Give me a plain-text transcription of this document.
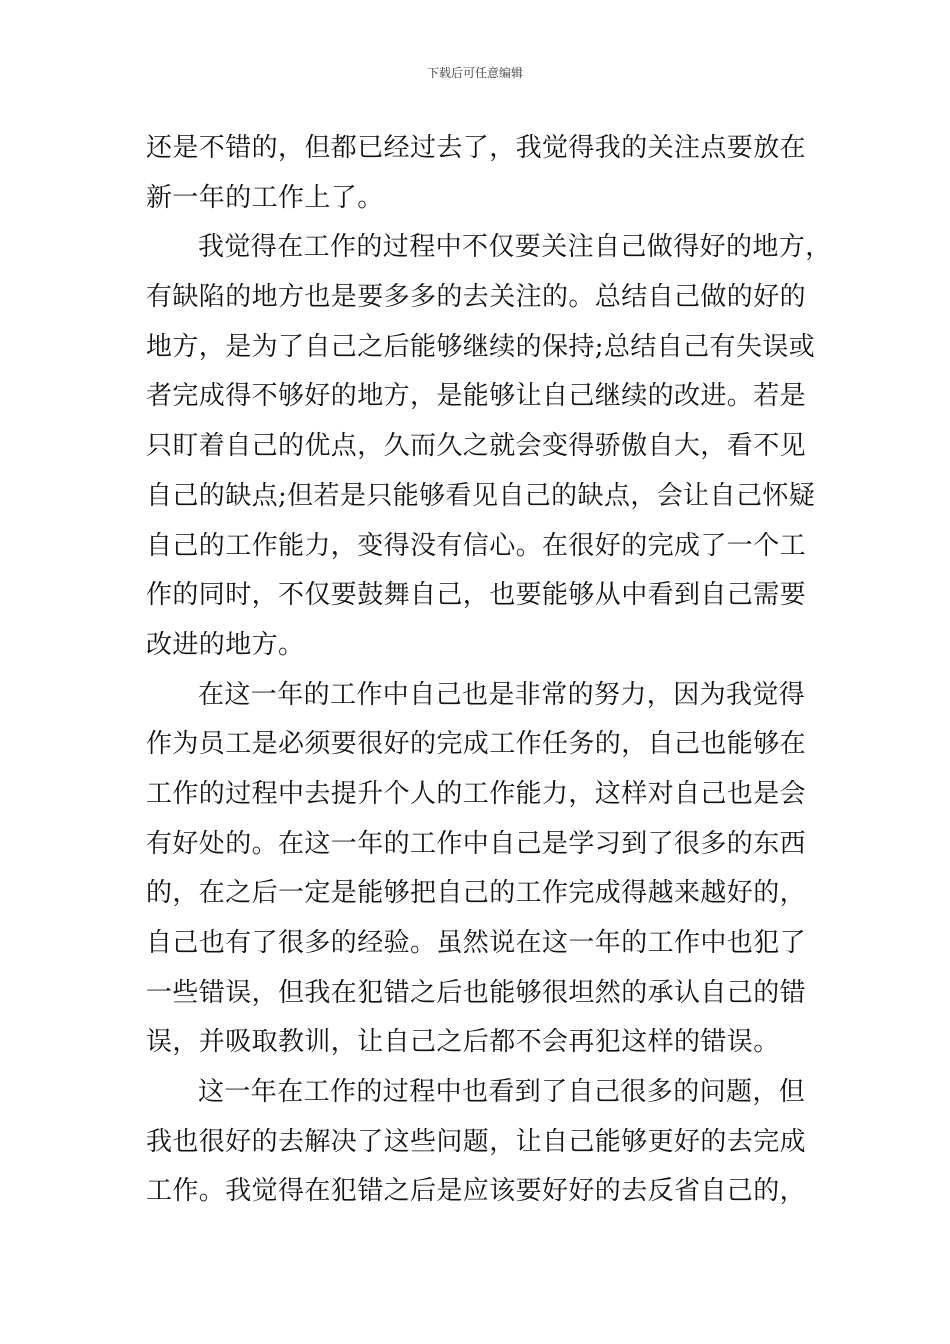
下载后可任意编辑
还是不错的，但都已经过去了，我觉得我的关注点要放在
新一年的工作上了。
我觉得在工作的过程中不仅要关注自己做得好的地方，
有缺陷的地方也是要多多的去关注的。总结自己做的好的
地方，是为了自己之后能够继续的保持;总结自己有失误或
者完成得不够好的地方，是能够让自己继续的改进。若是
只盯着自己的优点，久而久之就会变得骄傲自大，看不见
自己的缺点;但若是只能够看见自己的缺点，会让自己怀疑
自己的工作能力，变得没有信心。在很好的完成了一个工
作的同时，不仅要鼓舞自己，也要能够从中看到自己需要
改进的地方。
在这一年的工作中自己也是非常的努力，因为我觉得
作为员工是必须要很好的完成工作任务的，自己也能够在
工作的过程中去提升个人的工作能力，这样对自己也是会
有好处的。在这一年的工作中自己是学习到了很多的东西
的，在之后一定是能够把自己的工作完成得越来越好的，
自己也有了很多的经验。虽然说在这一年的工作中也犯了
一些错误，但我在犯错之后也能够很坦然的承认自己的错
误，并吸取教训，让自己之后都不会再犯这样的错误。
这一年在工作的过程中也看到了自己很多的问题，但
我也很好的去解决了这些问题，让自己能够更好的去完成
工作。我觉得在犯错之后是应该要好好的去反省自己的，
